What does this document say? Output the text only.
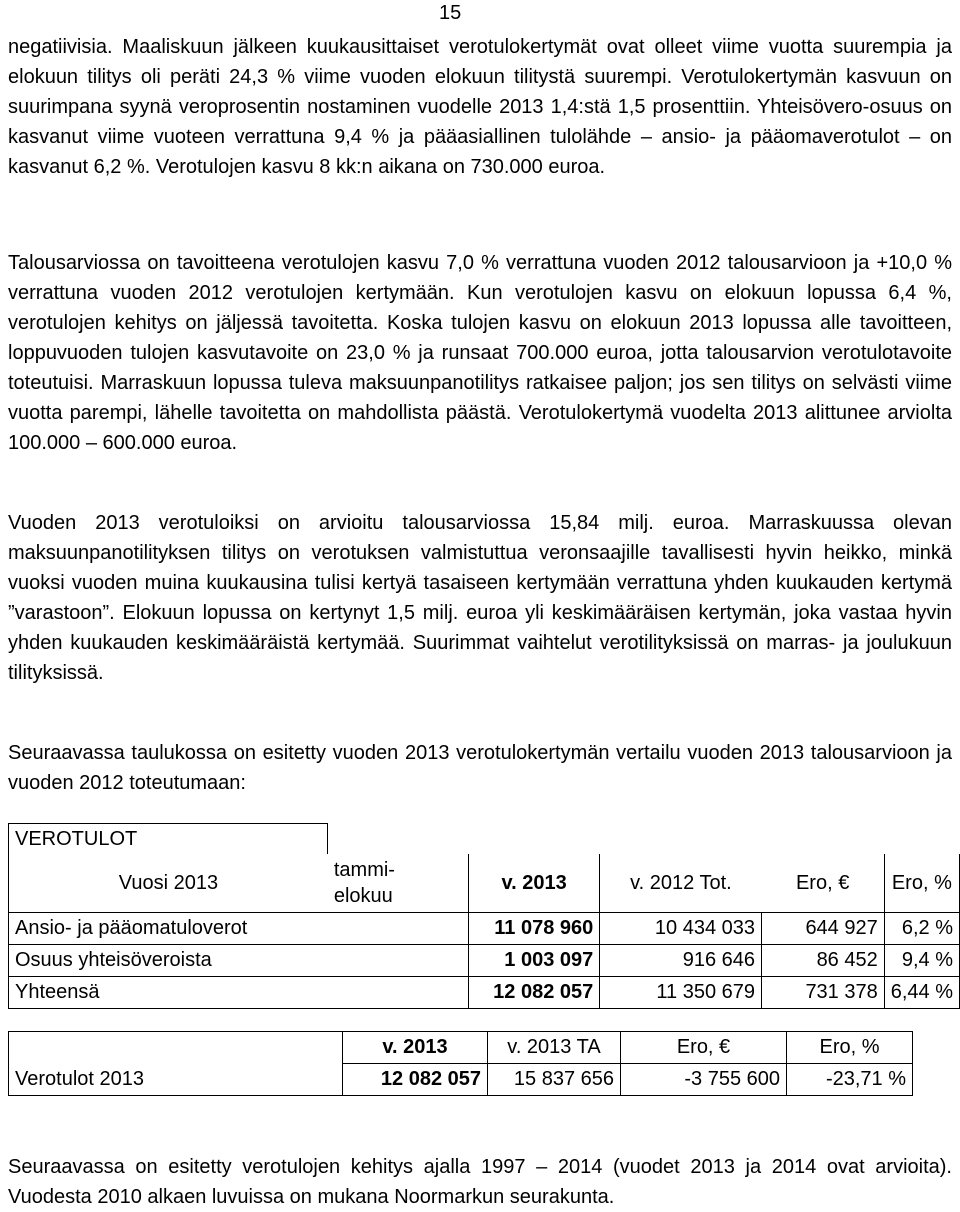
15

negatiivisia. Maaliskuun jälkeen kuukausittaiset verotulokertymät ovat olleet viime vuotta suurempia ja elokuun tilitys oli peräti 24,3 % viime vuoden elokuun tilitystä suurempi. Verotulokertymän kasvuun on suurimpana syynä veroprosentin nostaminen vuodelle 2013 1,4:stä 1,5 prosenttiin. Yhteisövero-osuus on kasvanut viime vuoteen verrattuna 9,4 % ja pääasiallinen tulolähde – ansio- ja pääomaverotulot – on kasvanut 6,2 %. Verotulojen kasvu 8 kk:n aikana on 730.000 euroa.

Talousarviossa on tavoitteena verotulojen kasvu 7,0 % verrattuna vuoden 2012 talousarvioon ja +10,0 % verrattuna vuoden 2012 verotulojen kertymään. Kun verotulojen kasvu on elokuun lopussa 6,4 %, verotulojen kehitys on jäljessä tavoitetta. Koska tulojen kasvu on elokuun 2013 lopussa alle tavoitteen, loppuvuoden tulojen kasvutavoite on 23,0 % ja runsaat 700.000 euroa, jotta talousarvion verotulotavoite toteutuisi. Marraskuun lopussa tuleva maksuunpanotilitys ratkaisee paljon; jos sen tilitys on selvästi viime vuotta parempi, lähelle tavoitetta on mahdollista päästä. Verotulokertymä vuodelta 2013 alittunee arviolta 100.000 – 600.000 euroa.

Vuoden 2013 verotuloiksi on arvioitu talousarviossa 15,84 milj. euroa. Marraskuussa olevan maksuunpanotilityksen tilitys on verotuksen valmistuttua veronsaajille tavallisesti hyvin heikko, minkä vuoksi vuoden muina kuukausina tulisi kertyä tasaiseen kertymään verrattuna yhden kuukauden kertymä ”varastoon”. Elokuun lopussa on kertynyt 1,5 milj. euroa yli keskimääräisen kertymän, joka vastaa hyvin yhden kuukauden keskimääräistä kertymää. Suurimmat vaihtelut verotilityksissä on marras- ja joulukuun tilityksissä.

Seuraavassa taulukossa on esitetty vuoden 2013 verotulokertymän vertailu vuoden 2013 talousarvioon ja vuoden 2012 toteutumaan:

VEROTULOT					
Vuosi 2013	tammi-elokuu	v. 2013	v. 2012 Tot.	Ero, €	Ero, %
Ansio- ja pääomatuloverot		11 078 960	10 434 033	644 927	6,2 %
Osuus yhteisöveroista		1 003 097	916 646	86 452	9,4 %
Yhteensä		12 082 057	11 350 679	731 378	6,44 %
	v. 2013	v. 2013 TA	Ero, €	Ero, %
Verotulot 2013	12 082 057	15 837 656	-3 755 600	-23,71 %

Seuraavassa on esitetty verotulojen kehitys ajalla 1997 – 2014 (vuodet 2013 ja 2014 ovat arvioita). Vuodesta 2010 alkaen luvuissa on mukana Noormarkun seurakunta.
